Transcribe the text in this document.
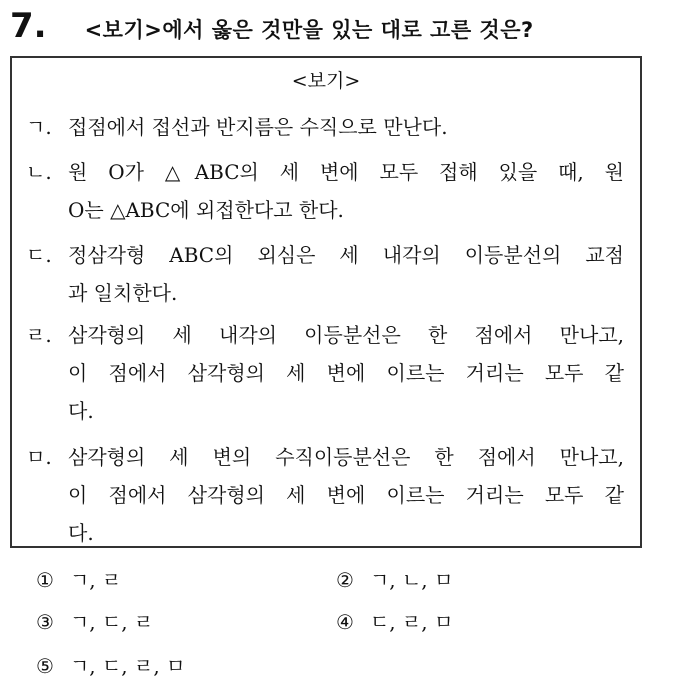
7. <보기>에서 옳은 것만을 있는 대로 고른 것은?
<보기>
ㄱ. 접점에서 접선과 반지름은 수직으로 만난다.
ㄴ. 원 O가 △ABC의 세 변에 모두 접해 있을 때, 원
O는 △ABC에 외접한다고 한다.
ㄷ. 정삼각형 ABC의 외심은 세 내각의 이등분선의 교점
과 일치한다.
ㄹ. 삼각형의 세 내각의 이등분선은 한 점에서 만나고,
이 점에서 삼각형의 세 변에 이르는 거리는 모두 같
다.
ㅁ. 삼각형의 세 변의 수직이등분선은 한 점에서 만나고,
이 점에서 삼각형의 세 변에 이르는 거리는 모두 같
다.
① ㄱ, ㄹ	② ㄱ, ㄴ, ㅁ
③ ㄱ, ㄷ, ㄹ	④ ㄷ, ㄹ, ㅁ
⑤ ㄱ, ㄷ, ㄹ, ㅁ
